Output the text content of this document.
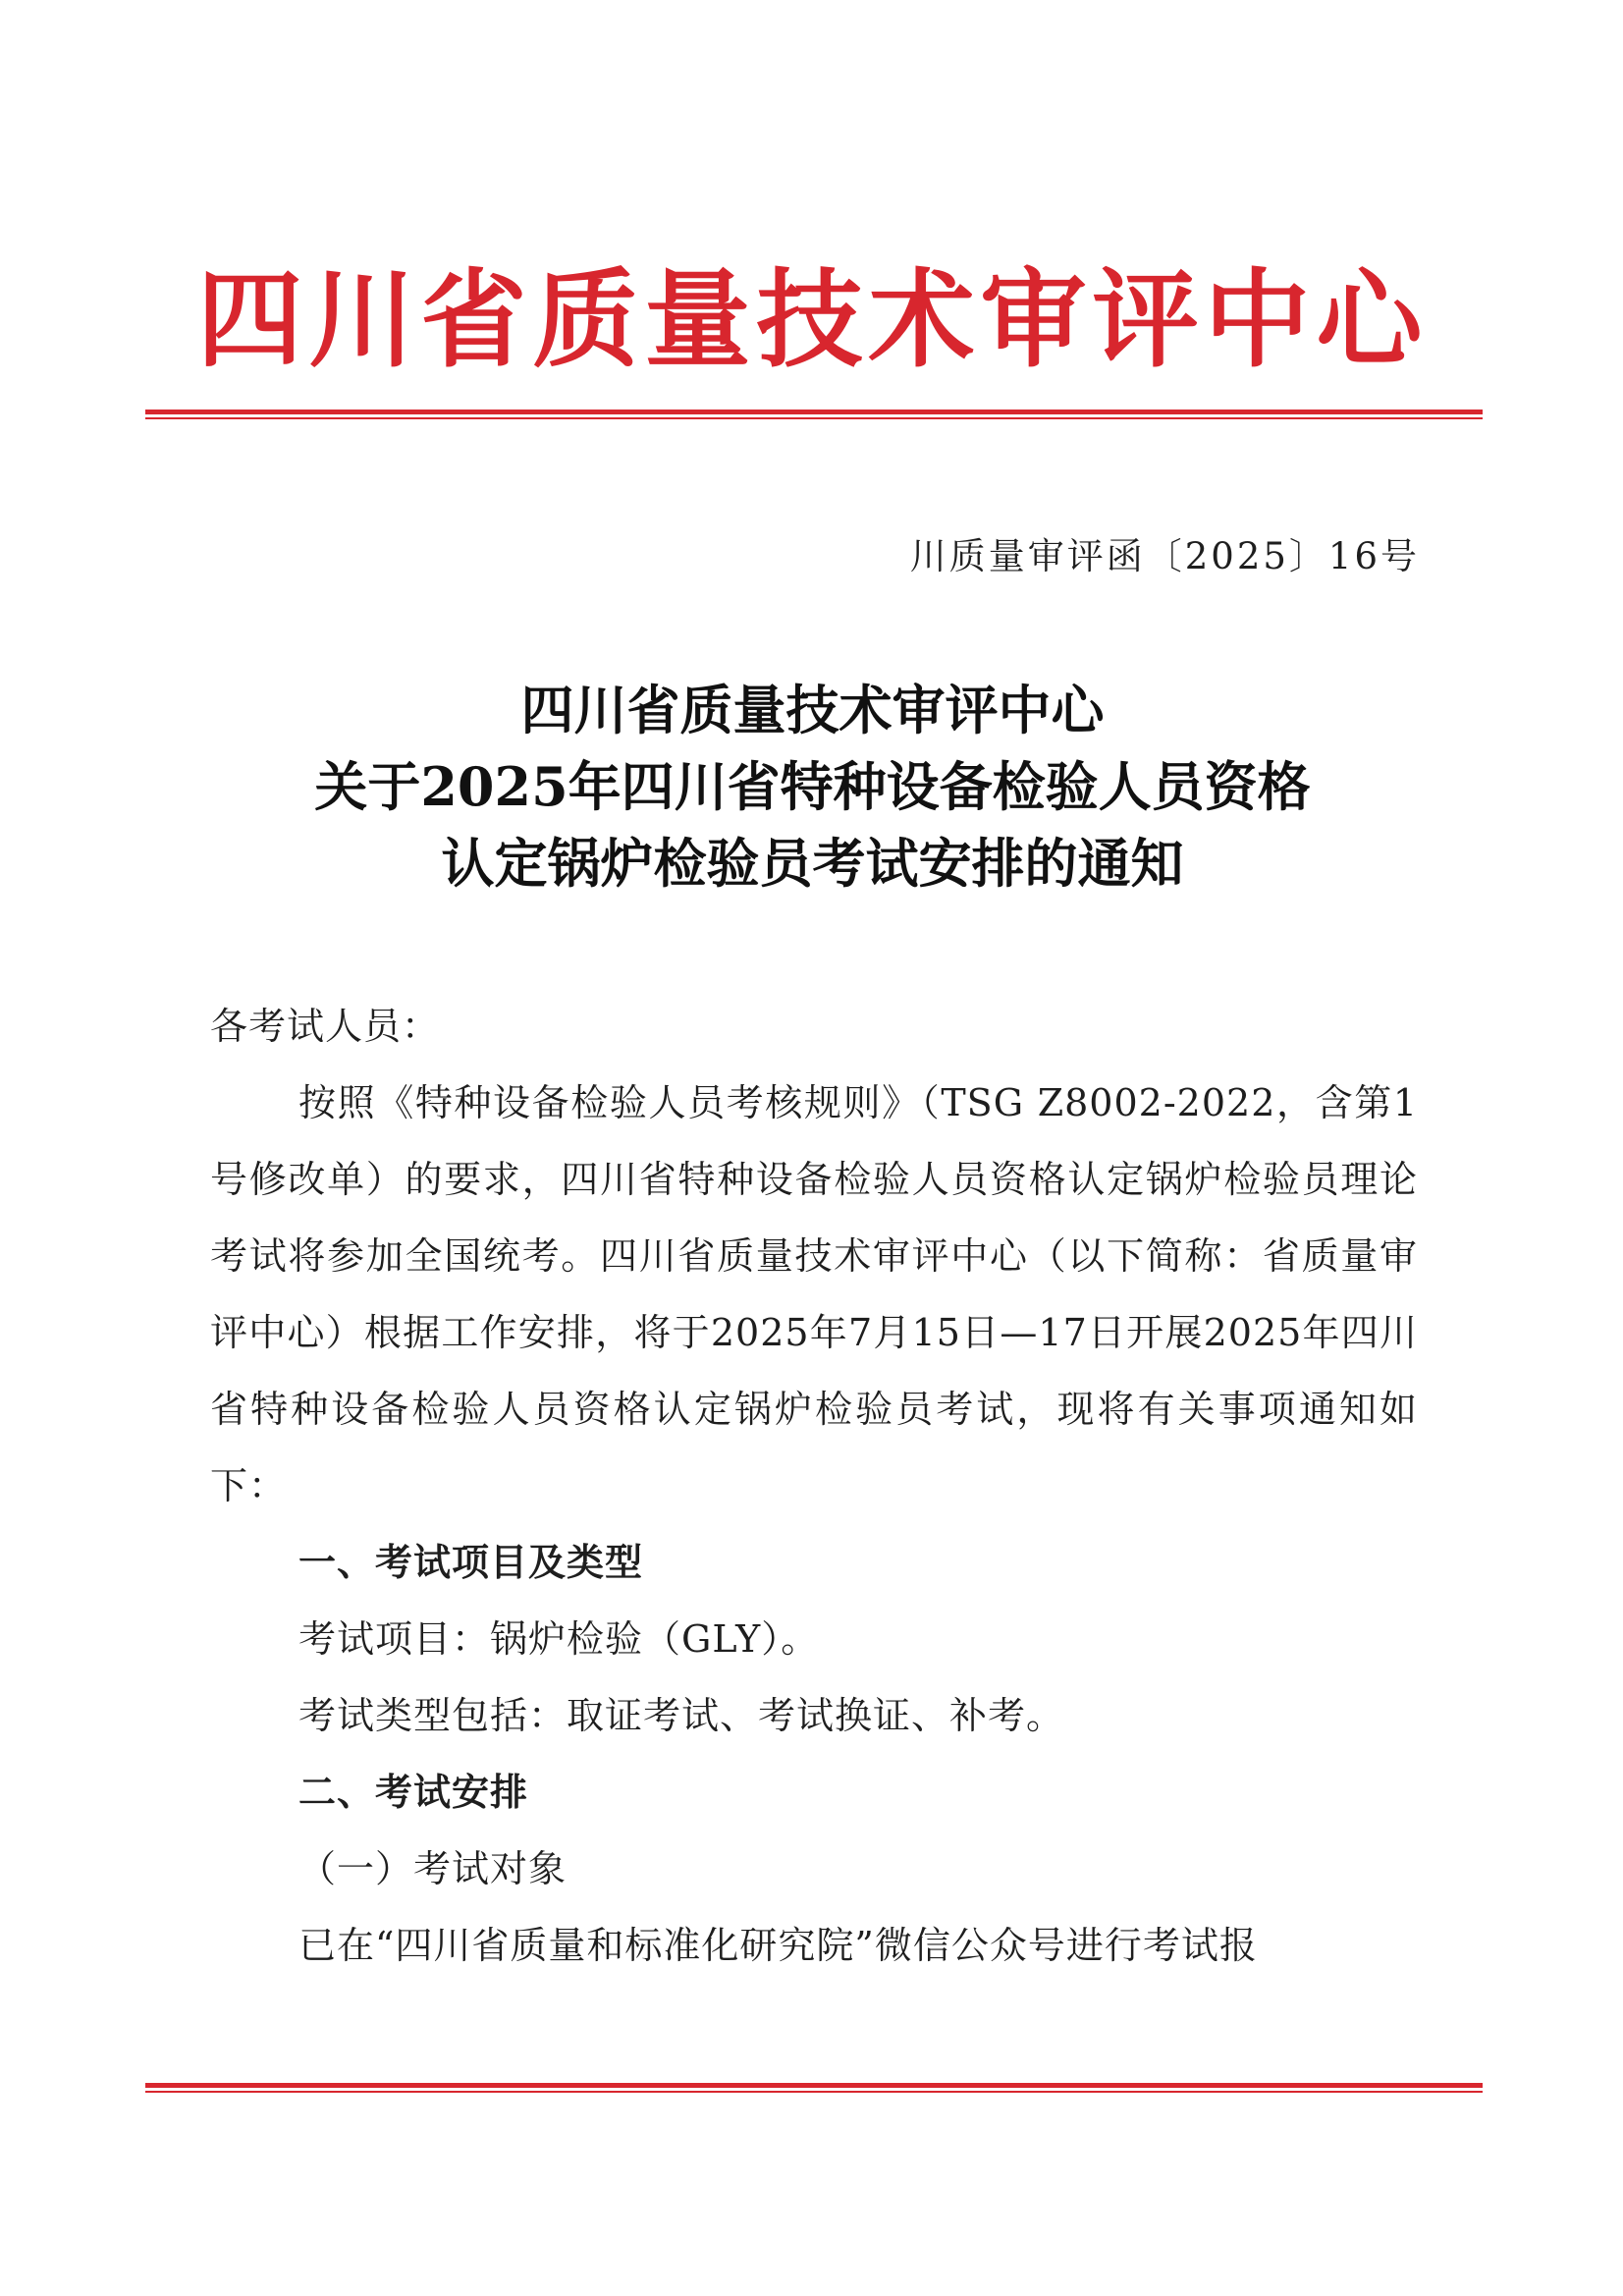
四川省质量技术审评中心
川质量审评函〔2025〕16号
四川省质量技术审评中心
关于2025年四川省特种设备检验人员资格
认定锅炉检验员考试安排的通知
各考试人员：
按照《特种设备检验人员考核规则》（TSG Z8002-2022，含第1号修改单）的要求，四川省特种设备检验人员资格认定锅炉检验员理论考试将参加全国统考。四川省质量技术审评中心（以下简称：省质量审评中心）根据工作安排，将于2025年7月15日—17日开展2025年四川省特种设备检验人员资格认定锅炉检验员考试，现将有关事项通知如下：
一、考试项目及类型
考试项目：锅炉检验（GLY）。
考试类型包括：取证考试、考试换证、补考。
二、考试安排
（一）考试对象
已在“四川省质量和标准化研究院”微信公众号进行考试报
